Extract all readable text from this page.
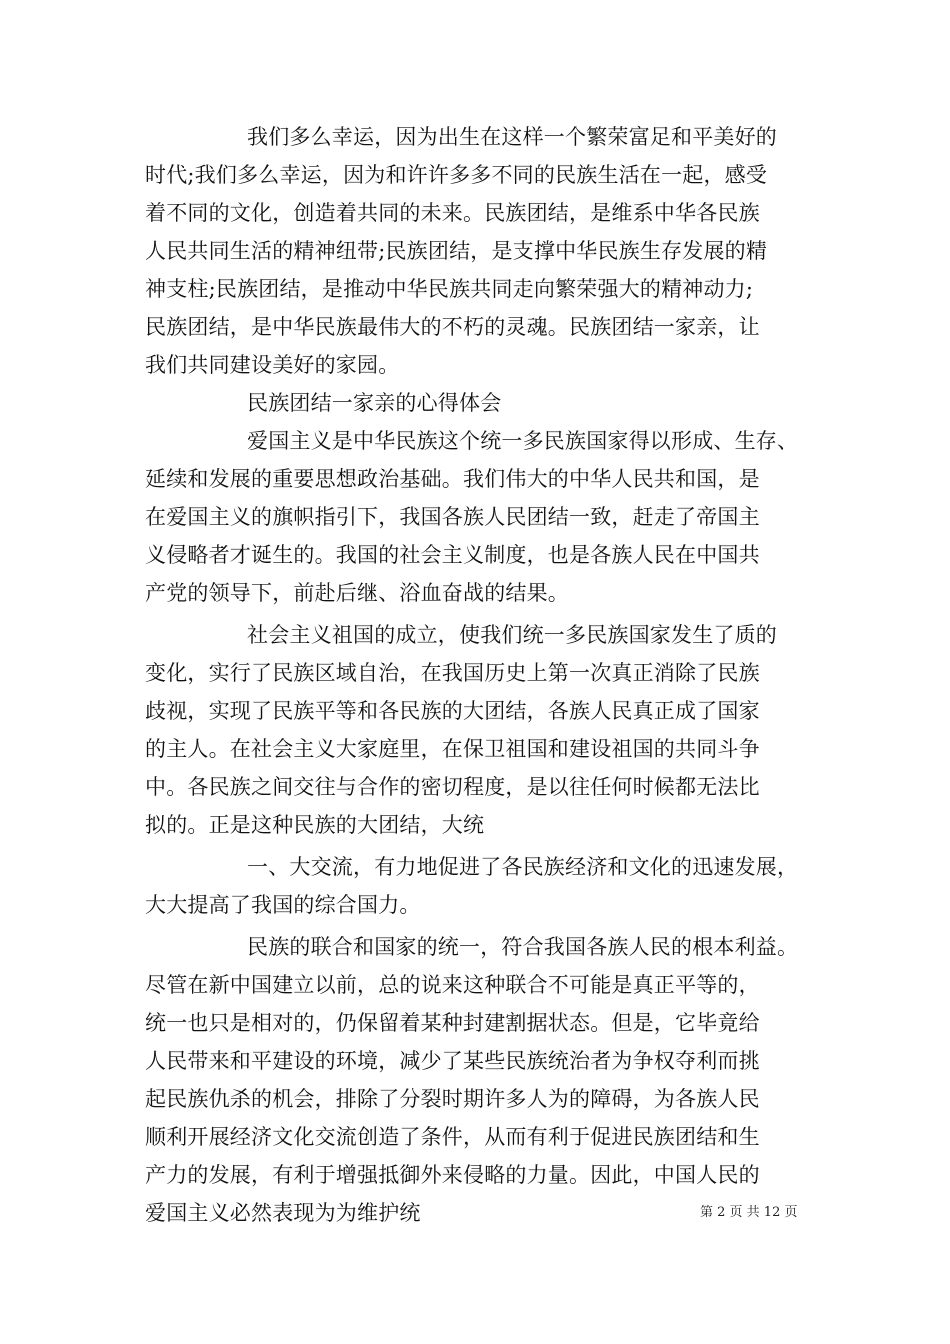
我们多么幸运，因为出生在这样一个繁荣富足和平美好的
时代;我们多么幸运，因为和许许多多不同的民族生活在一起，感受
着不同的文化，创造着共同的未来。民族团结，是维系中华各民族
人民共同生活的精神纽带;民族团结，是支撑中华民族生存发展的精
神支柱;民族团结，是推动中华民族共同走向繁荣强大的精神动力;
民族团结，是中华民族最伟大的不朽的灵魂。民族团结一家亲，让
我们共同建设美好的家园。
民族团结一家亲的心得体会
爱国主义是中华民族这个统一多民族国家得以形成、生存、
延续和发展的重要思想政治基础。我们伟大的中华人民共和国，是
在爱国主义的旗帜指引下，我国各族人民团结一致，赶走了帝国主
义侵略者才诞生的。我国的社会主义制度，也是各族人民在中国共
产党的领导下，前赴后继、浴血奋战的结果。
社会主义祖国的成立，使我们统一多民族国家发生了质的
变化，实行了民族区域自治，在我国历史上第一次真正消除了民族
歧视，实现了民族平等和各民族的大团结，各族人民真正成了国家
的主人。在社会主义大家庭里，在保卫祖国和建设祖国的共同斗争
中。各民族之间交往与合作的密切程度，是以往任何时候都无法比
拟的。正是这种民族的大团结，大统
一、大交流，有力地促进了各民族经济和文化的迅速发展，
大大提高了我国的综合国力。
民族的联合和国家的统一，符合我国各族人民的根本利益。
尽管在新中国建立以前，总的说来这种联合不可能是真正平等的，
统一也只是相对的，仍保留着某种封建割据状态。但是，它毕竟给
人民带来和平建设的环境，减少了某些民族统治者为争权夺利而挑
起民族仇杀的机会，排除了分裂时期许多人为的障碍，为各族人民
顺利开展经济文化交流创造了条件，从而有利于促进民族团结和生
产力的发展，有利于增强抵御外来侵略的力量。因此，中国人民的
爱国主义必然表现为为维护统	第 2 页 共 12 页
